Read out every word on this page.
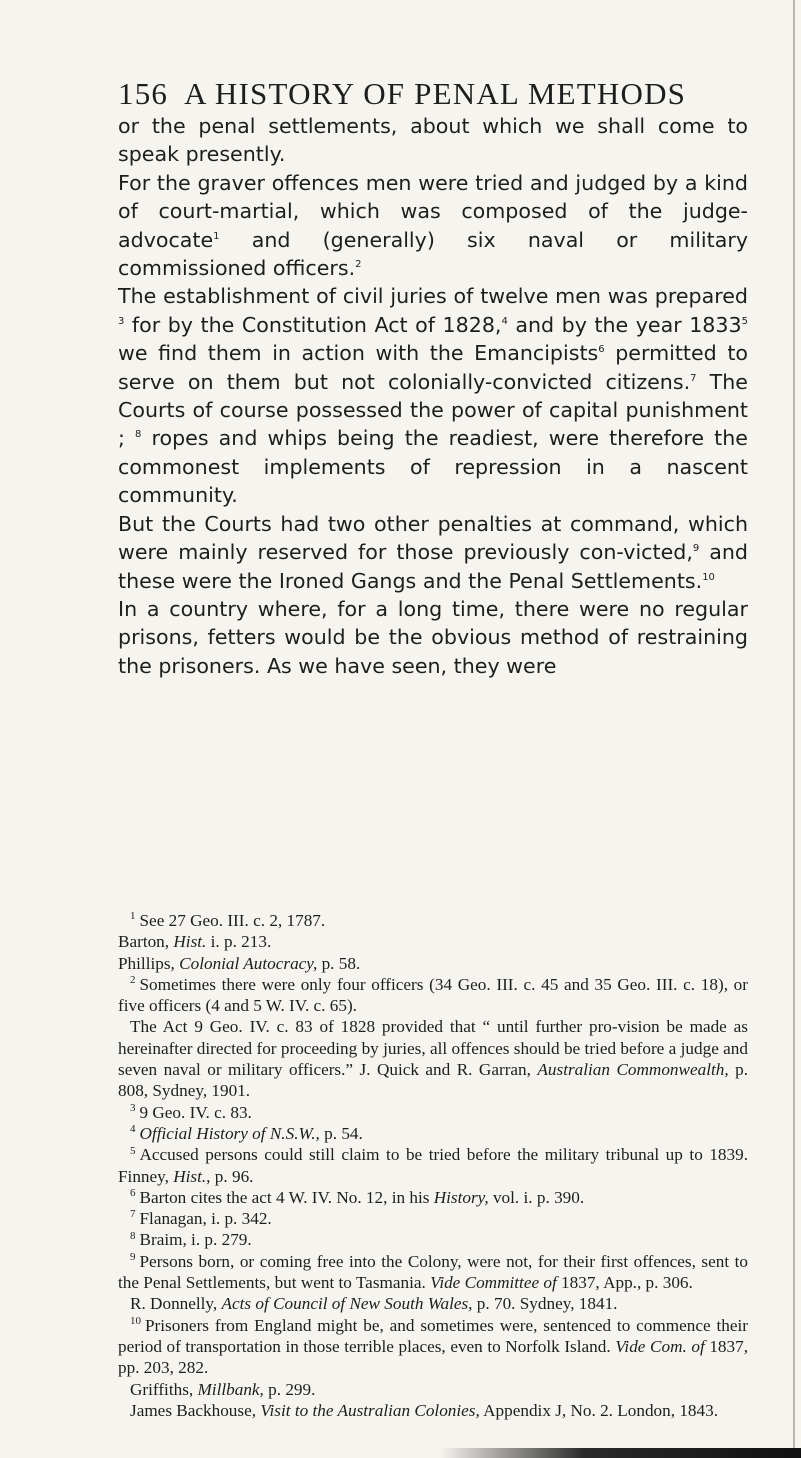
156 A HISTORY OF PENAL METHODS

or the penal settlements, about which we shall come to speak presently.

For the graver offences men were tried and judged by a kind of court-martial, which was composed of the judge-advocate$^1$ and (generally) six naval or military commissioned officers.$^2$

The establishment of civil juries of twelve men was prepared $^3$ for by the Constitution Act of 1828,$^4$ and by the year 1833$^5$ we find them in action with the Emancipists$^6$ permitted to serve on them but not colonially-convicted citizens.$^7$ The Courts of course possessed the power of capital punishment ; $^8$ ropes and whips being the readiest, were therefore the commonest implements of repression in a nascent community.

But the Courts had two other penalties at command, which were mainly reserved for those previously con-victed,$^9$ and these were the Ironed Gangs and the Penal Settlements.$^{10}$

In a country where, for a long time, there were no regular prisons, fetters would be the obvious method of restraining the prisoners. As we have seen, they were

$^1$ See 27 Geo. III. c. 2, 1787.

Barton, Hist. i. p. 213.

Phillips, Colonial Autocracy, p. 58.

$^2$ Sometimes there were only four officers (34 Geo. III. c. 45 and 35 Geo. III. c. 18), or five officers (4 and 5 W. IV. c. 65).

The Act 9 Geo. IV. c. 83 of 1828 provided that “ until further pro-vision be made as hereinafter directed for proceeding by juries, all offences should be tried before a judge and seven naval or military officers.” J. Quick and R. Garran, Australian Commonwealth, p. 808, Sydney, 1901.

$^3$ 9 Geo. IV. c. 83.

$^4$ Official History of N.S.W., p. 54.

$^5$ Accused persons could still claim to be tried before the military tribunal up to 1839. Finney, Hist., p. 96.

$^6$ Barton cites the act 4 W. IV. No. 12, in his History, vol. i. p. 390.

$^7$ Flanagan, i. p. 342.

$^8$ Braim, i. p. 279.

$^9$ Persons born, or coming free into the Colony, were not, for their first offences, sent to the Penal Settlements, but went to Tasmania. Vide Committee of 1837, App., p. 306.

R. Donnelly, Acts of Council of New South Wales, p. 70. Sydney, 1841.

$^{10}$ Prisoners from England might be, and sometimes were, sentenced to commence their period of transportation in those terrible places, even to Norfolk Island. Vide Com. of 1837, pp. 203, 282.

Griffiths, Millbank, p. 299.

James Backhouse, Visit to the Australian Colonies, Appendix J, No. 2. London, 1843.
